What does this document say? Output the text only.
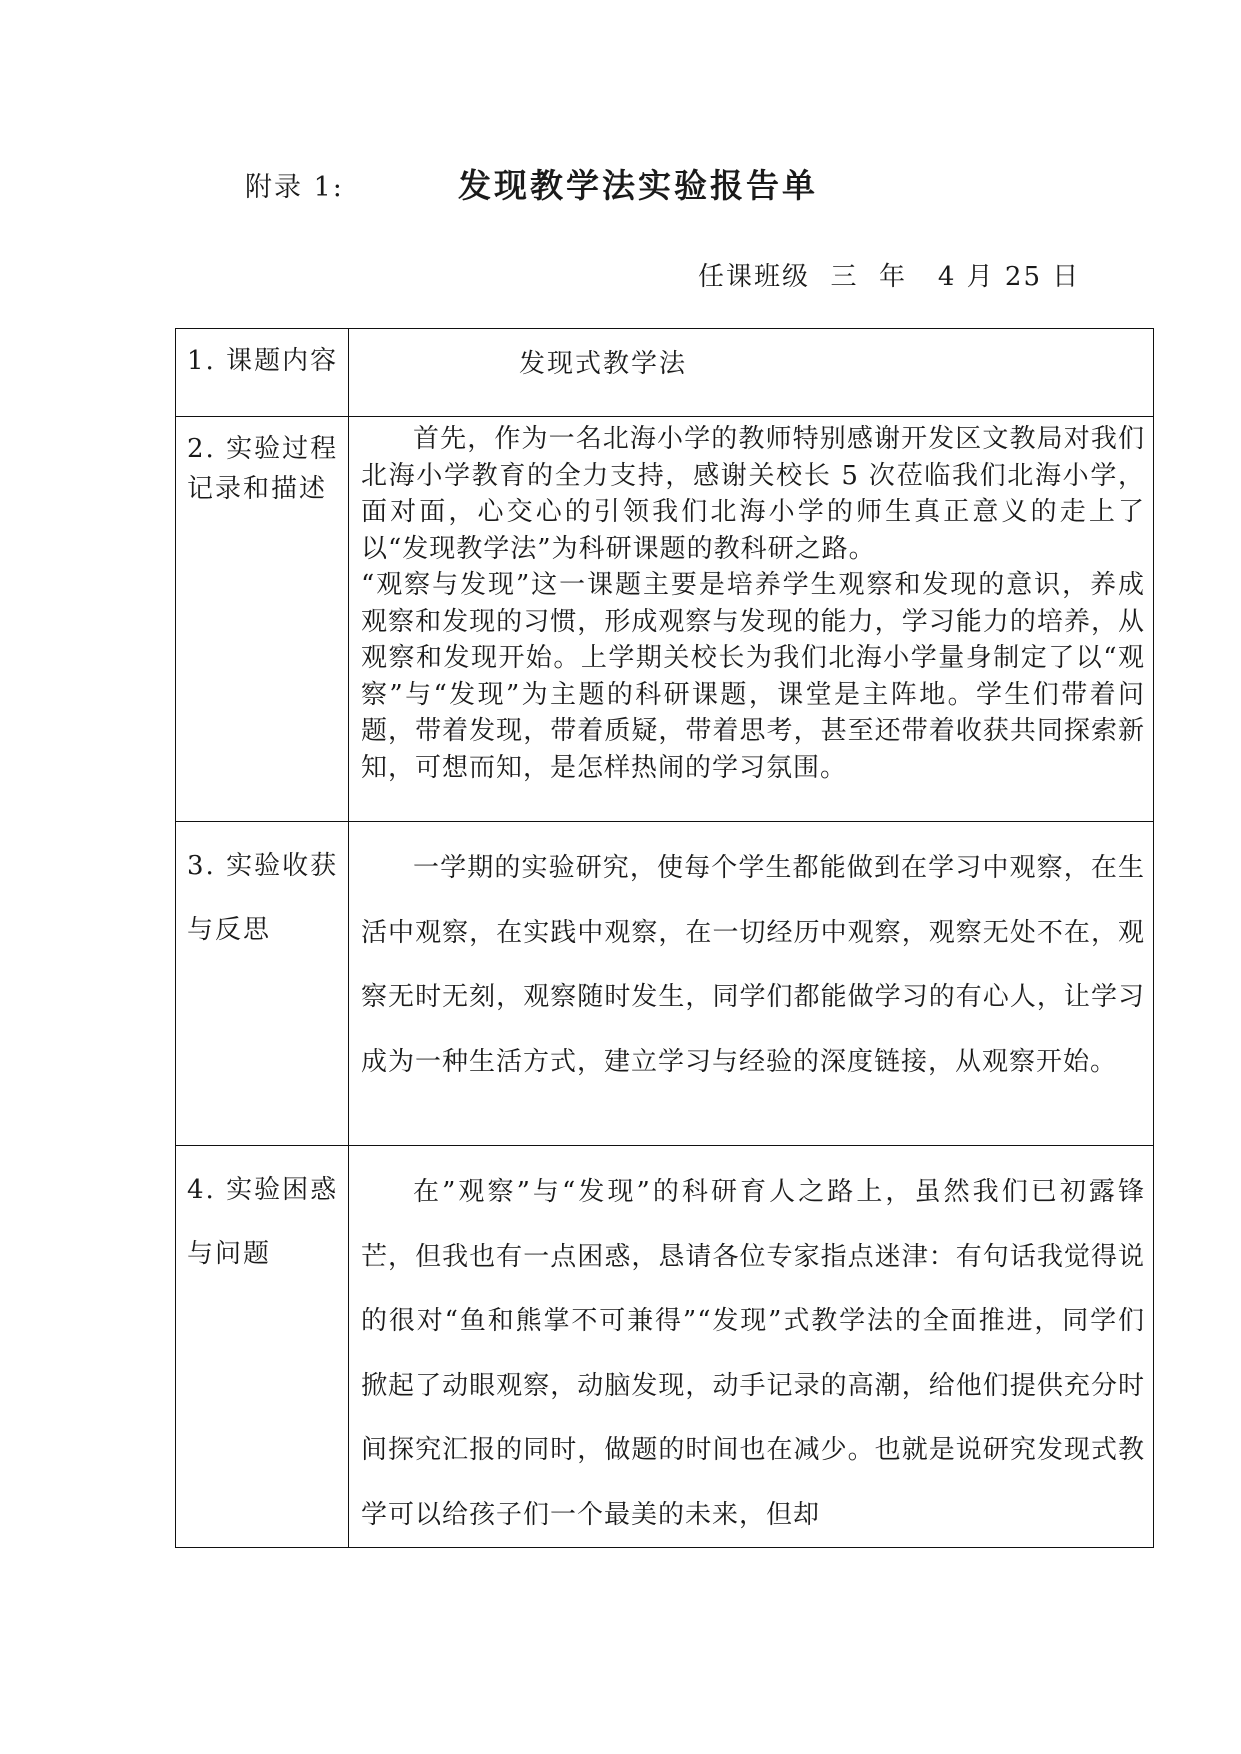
附录 1:	发现教学法实验报告单
任课班级  三  年   4 月 25 日
1. 课题内容	发现式教学法
2. 实验过程记录和描述	首先，作为一名北海小学的教师特别感谢开发区文教局对我们北海小学教育的全力支持，感谢关校长 5 次莅临我们北海小学，面对面，心交心的引领我们北海小学的师生真正意义的走上了以“发现教学法”为科研课题的教科研之路。
“观察与发现”这一课题主要是培养学生观察和发现的意识，养成观察和发现的习惯，形成观察与发现的能力，学习能力的培养，从观察和发现开始。上学期关校长为我们北海小学量身制定了以“观察”与“发现”为主题的科研课题，课堂是主阵地。学生们带着问题，带着发现，带着质疑，带着思考，甚至还带着收获共同探索新知，可想而知，是怎样热闹的学习氛围。

3. 实验收获与反思	一学期的实验研究，使每个学生都能做到在学习中观察，在生活中观察，在实践中观察，在一切经历中观察，观察无处不在，观察无时无刻，观察随时发生，同学们都能做学习的有心人，让学习成为一种生活方式，建立学习与经验的深度链接，从观察开始。

4. 实验困惑与问题	在”观察”与“发现”的科研育人之路上，虽然我们已初露锋芒，但我也有一点困惑，恳请各位专家指点迷津：有句话我觉得说的很对“鱼和熊掌不可兼得”“发现”式教学法的全面推进，同学们掀起了动眼观察，动脑发现，动手记录的高潮，给他们提供充分时间探究汇报的同时，做题的时间也在减少。也就是说研究发现式教学可以给孩子们一个最美的未来，但却
